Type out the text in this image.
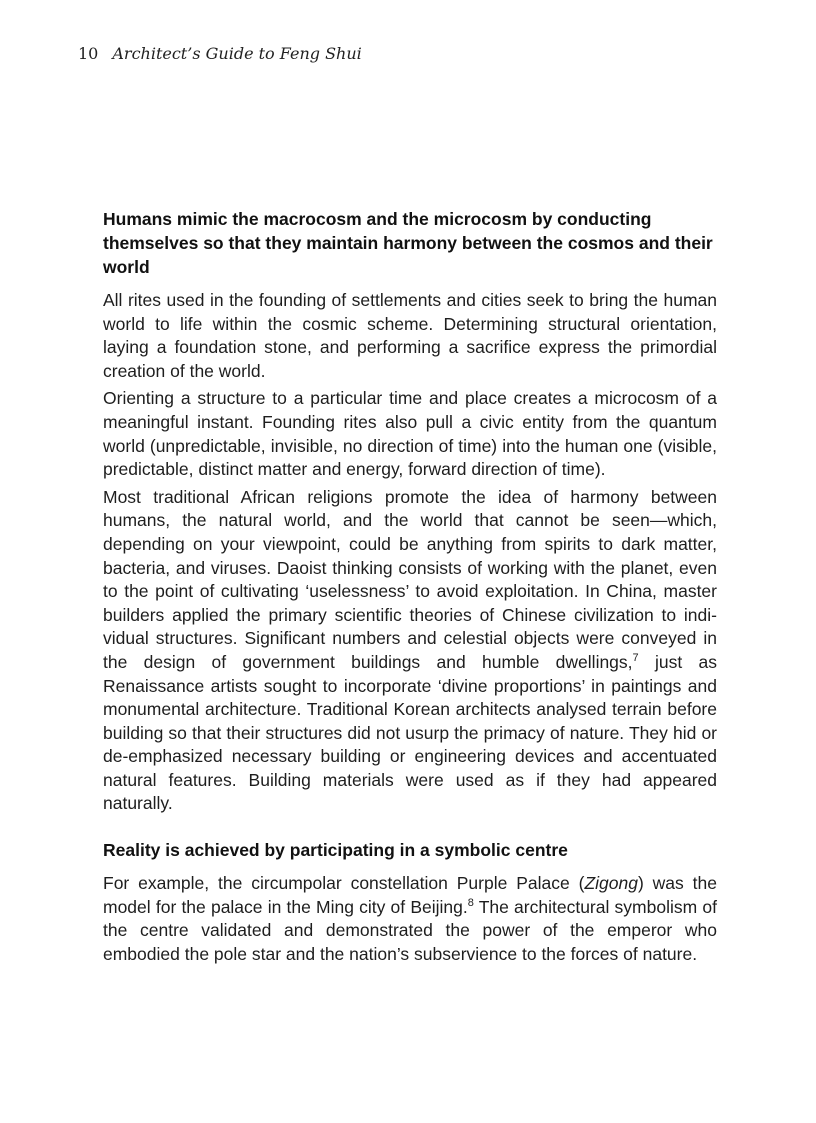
10 Architect’s Guide to Feng Shui
Humans mimic the macrocosm and the microcosm by conducting themselves so that they maintain harmony between the cosmos and their world

All rites used in the founding of settlements and cities seek to bring the human world to life within the cosmic scheme. Determining structural orientation, laying a foundation stone, and performing a sacrifice express the primordial creation of the world.

Orienting a structure to a particular time and place creates a microcosm of a meaningful instant. Founding rites also pull a civic entity from the quantum world (unpredictable, invisible, no direction of time) into the human one (visible, predictable, distinct matter and energy, forward direction of time).

Most traditional African religions promote the idea of harmony between humans, the natural world, and the world that cannot be seen—which, depending on your viewpoint, could be anything from spirits to dark matter, bacteria, and viruses. Daoist thinking consists of working with the planet, even to the point of cultivating ‘uselessness’ to avoid exploitation. In China, master builders applied the primary scientific theories of Chinese civilization to individual structures. Significant numbers and celestial objects were conveyed in the design of government buildings and humble dwellings,$^7$ just as Renaissance artists sought to incorporate ‘divine proportions’ in paintings and monumental architecture. Traditional Korean architects analysed terrain before building so that their structures did not usurp the primacy of nature. They hid or de-emphasized necessary building or engineering devices and accentuated natural features. Building materials were used as if they had appeared naturally.

Reality is achieved by participating in a symbolic centre

For example, the circumpolar constellation Purple Palace (Zigong) was the model for the palace in the Ming city of Beijing.$^8$ The architectural symbolism of the centre validated and demonstrated the power of the emperor who embodied the pole star and the nation’s subservience to the forces of nature.
